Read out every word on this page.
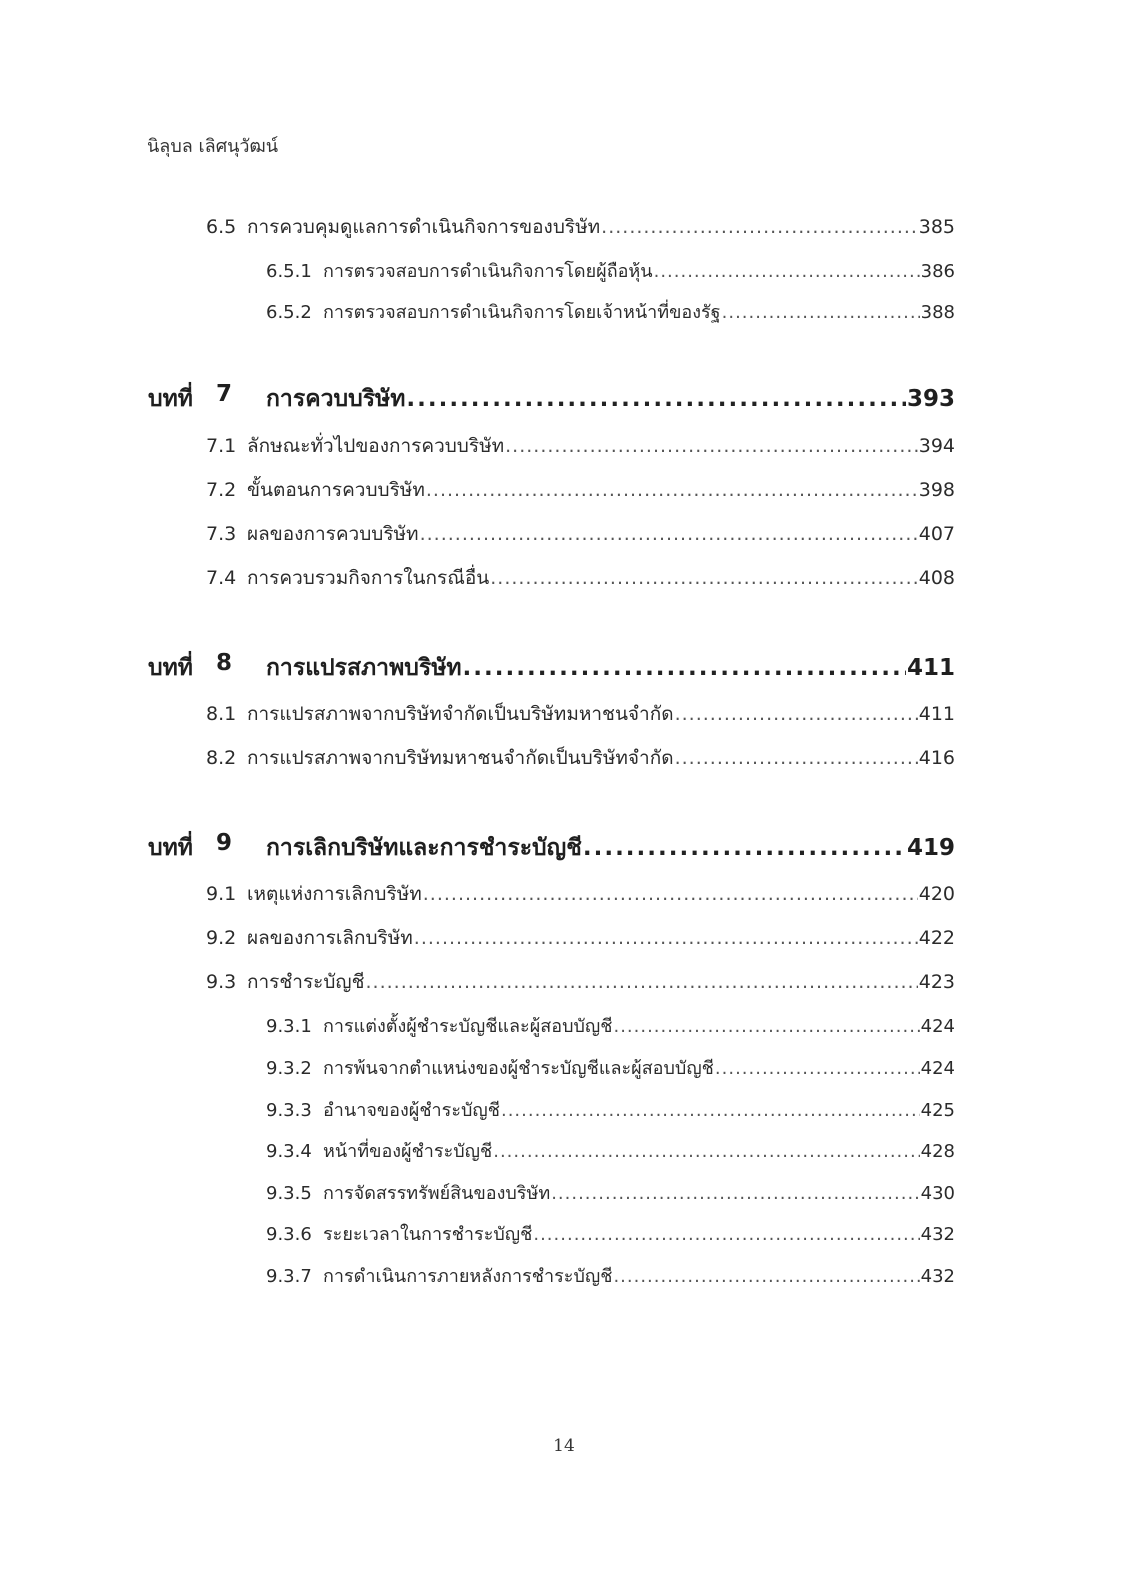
นิลุบล เลิศนุวัฒน์
6.5 การควบคุมดูแลการดำเนินกิจการของบริษัท .....	385
6.5.1 การตรวจสอบการดำเนินกิจการโดยผู้ถือหุ้น .....	386
6.5.2 การตรวจสอบการดำเนินกิจการโดยเจ้าหน้าที่ของรัฐ .....	388
บทที่	7 การควบบริษัท .....	393
7.1 ลักษณะทั่วไปของการควบบริษัท .....	394
7.2 ขั้นตอนการควบบริษัท .....	398
7.3 ผลของการควบบริษัท .....	407
7.4 การควบรวมกิจการในกรณีอื่น .....	408
บทที่	8 การแปรสภาพบริษัท .....	411
8.1 การแปรสภาพจากบริษัทจำกัดเป็นบริษัทมหาชนจำกัด .....	411
8.2 การแปรสภาพจากบริษัทมหาชนจำกัดเป็นบริษัทจำกัด .....	416
บทที่	9 การเลิกบริษัทและการชำระบัญชี .....	419
9.1 เหตุแห่งการเลิกบริษัท .....	420
9.2 ผลของการเลิกบริษัท .....	422
9.3 การชำระบัญชี .....	423
9.3.1 การแต่งตั้งผู้ชำระบัญชีและผู้สอบบัญชี .....	424
9.3.2 การพ้นจากตำแหน่งของผู้ชำระบัญชีและผู้สอบบัญชี .....	424
9.3.3 อำนาจของผู้ชำระบัญชี .....	425
9.3.4 หน้าที่ของผู้ชำระบัญชี .....	428
9.3.5 การจัดสรรทรัพย์สินของบริษัท .....	430
9.3.6 ระยะเวลาในการชำระบัญชี .....	432
9.3.7 การดำเนินการภายหลังการชำระบัญชี .....	432
14
